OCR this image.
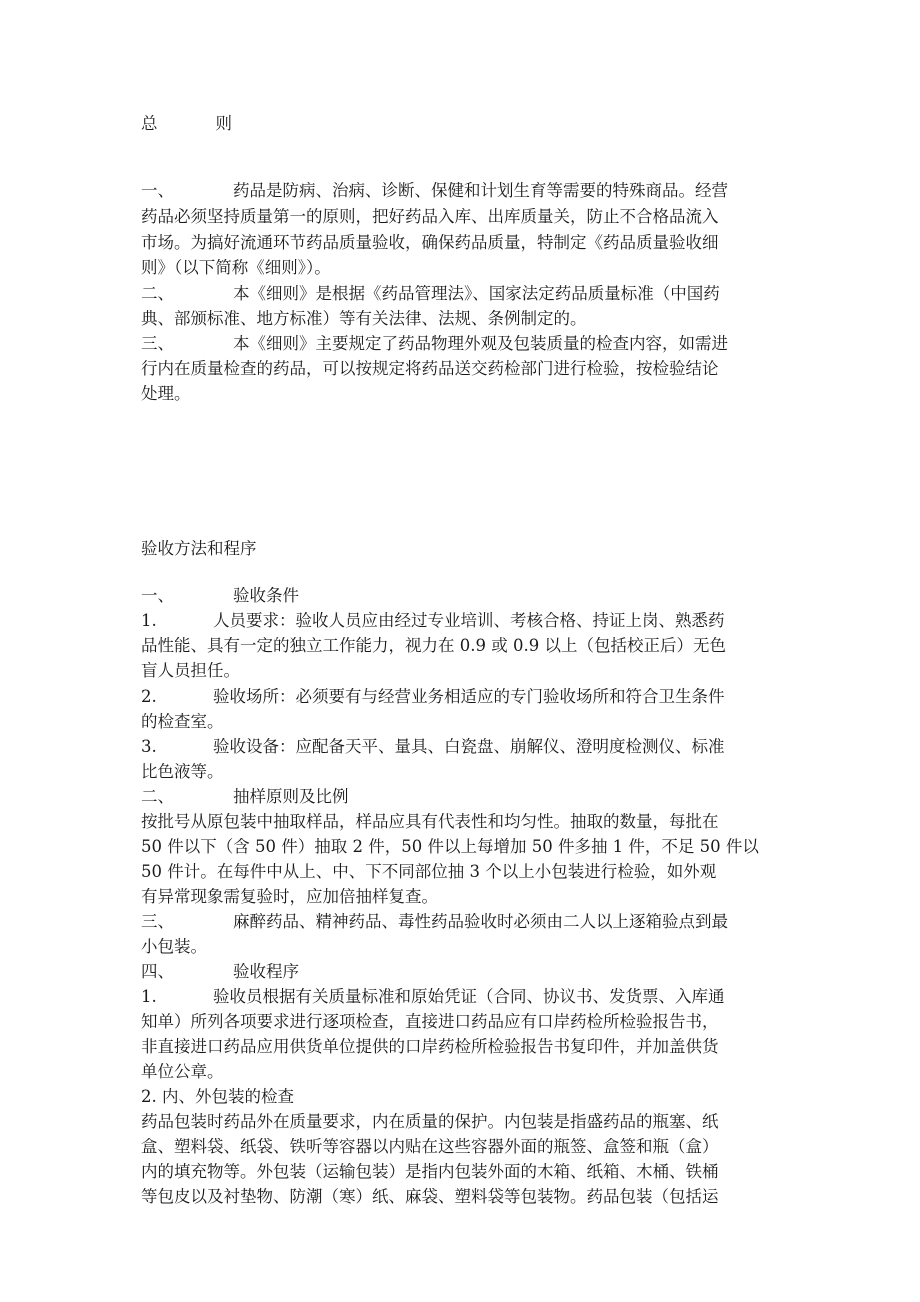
总	则
一、	药品是防病、治病、诊断、保健和计划生育等需要的特殊商品。经营
药品必须坚持质量第一的原则，把好药品入库、出库质量关，防止不合格品流入
市场。为搞好流通环节药品质量验收，确保药品质量，特制定《药品质量验收细
则》（以下简称《细则》）。
二、	本《细则》是根据《药品管理法》、国家法定药品质量标准（中国药
典、部颁标准、地方标准）等有关法律、法规、条例制定的。
三、	本《细则》主要规定了药品物理外观及包装质量的检查内容，如需进
行内在质量检查的药品，可以按规定将药品送交药检部门进行检验，按检验结论
处理。
验收方法和程序
一、	验收条件
1.	人员要求：验收人员应由经过专业培训、考核合格、持证上岗、熟悉药
品性能、具有一定的独立工作能力，视力在 0.9 或 0.9 以上（包括校正后）无色
盲人员担任。
2.	验收场所：必须要有与经营业务相适应的专门验收场所和符合卫生条件
的检查室。
3.	验收设备：应配备天平、量具、白瓷盘、崩解仪、澄明度检测仪、标准
比色液等。
二、	抽样原则及比例
按批号从原包装中抽取样品，样品应具有代表性和均匀性。抽取的数量，每批在
50 件以下（含 50 件）抽取 2 件，50 件以上每增加 50 件多抽 1 件，不足 50 件以
50 件计。在每件中从上、中、下不同部位抽 3 个以上小包装进行检验，如外观
有异常现象需复验时，应加倍抽样复查。
三、	麻醉药品、精神药品、毒性药品验收时必须由二人以上逐箱验点到最
小包装。
四、	验收程序
1.	验收员根据有关质量标准和原始凭证（合同、协议书、发货票、入库通
知单）所列各项要求进行逐项检查，直接进口药品应有口岸药检所检验报告书，
非直接进口药品应用供货单位提供的口岸药检所检验报告书复印件，并加盖供货
单位公章。
2. 内、外包装的检查
药品包装时药品外在质量要求，内在质量的保护。内包装是指盛药品的瓶塞、纸
盒、塑料袋、纸袋、铁听等容器以内贴在这些容器外面的瓶签、盒签和瓶（盒）
内的填充物等。外包装（运输包装）是指内包装外面的木箱、纸箱、木桶、铁桶
等包皮以及衬垫物、防潮（寒）纸、麻袋、塑料袋等包装物。药品包装（包括运
